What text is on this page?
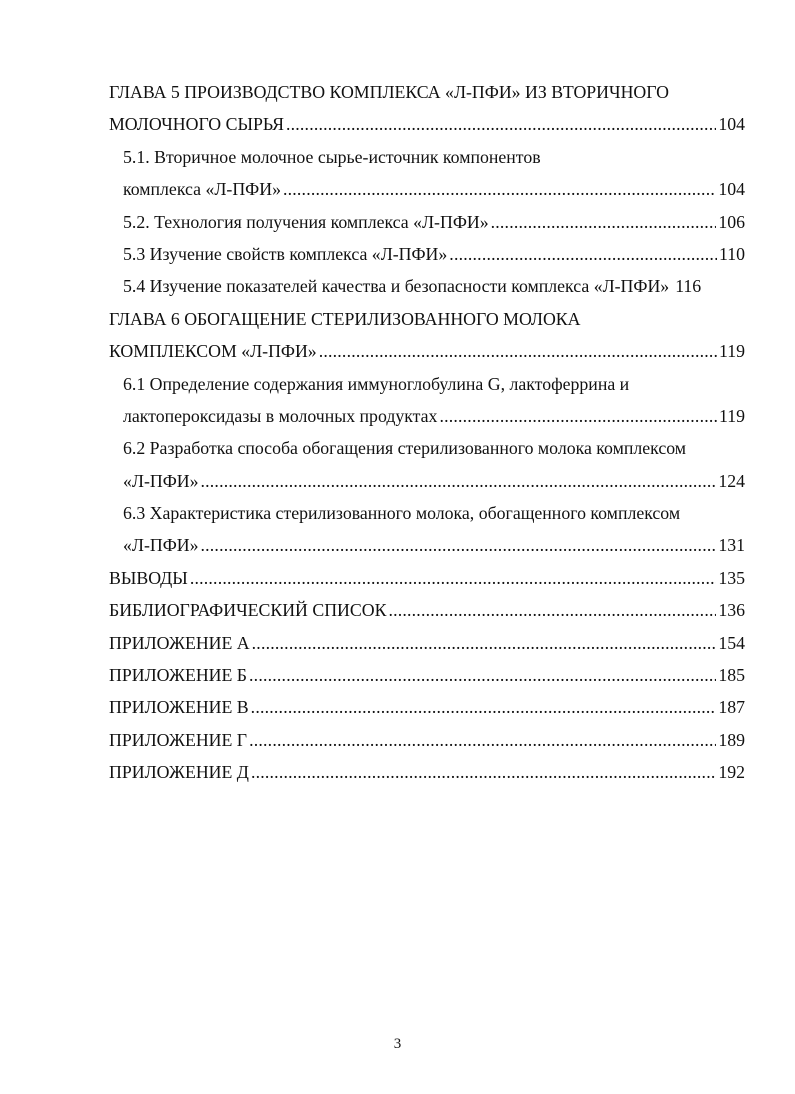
ГЛАВА 5 ПРОИЗВОДСТВО КОМПЛЕКСА «Л-ПФИ» ИЗ ВТОРИЧНОГО
МОЛОЧНОГО СЫРЬЯ .....	104
5.1. Вторичное молочное сырье-источник компонентов
комплекса «Л-ПФИ» .....	104
5.2. Технология получения комплекса «Л-ПФИ» .....	106
5.3 Изучение свойств комплекса «Л-ПФИ» .....	110
5.4 Изучение показателей качества и безопасности комплекса «Л-ПФИ» 116
ГЛАВА 6 ОБОГАЩЕНИЕ СТЕРИЛИЗОВАННОГО МОЛОКА
КОМПЛЕКСОМ «Л-ПФИ» .....	119
6.1 Определение содержания иммуноглобулина G, лактоферрина и
лактопероксидазы в молочных продуктах .....	119
6.2 Разработка способа обогащения стерилизованного молока комплексом
«Л-ПФИ» .....	124
6.3 Характеристика стерилизованного молока, обогащенного комплексом
«Л-ПФИ» .....	131
ВЫВОДЫ .....	135
БИБЛИОГРАФИЧЕСКИЙ СПИСОК .....	136
ПРИЛОЖЕНИЕ А .....	154
ПРИЛОЖЕНИЕ Б .....	185
ПРИЛОЖЕНИЕ В .....	187
ПРИЛОЖЕНИЕ Г .....	189
ПРИЛОЖЕНИЕ Д .....	192
3
